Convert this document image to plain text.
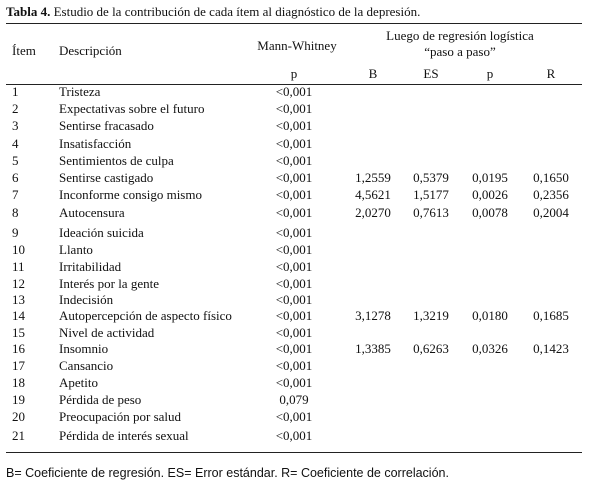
Tabla 4. Estudio de la contribución de cada ítem al diagnóstico de la depresión.
Ítem Descripción	Mann-Whitney
Luego de regresión logística
“paso a paso”
p	B	ES	p	R
1	Tristeza	<0,001
2	Expectativas sobre el futuro	<0,001
3	Sentirse fracasado	<0,001
4	Insatisfacción	<0,001
5	Sentimientos de culpa	<0,001
6	Sentirse castigado	<0,001	1,2559	0,5379	0,0195	0,1650
7	Inconforme consigo mismo	<0,001	4,5621	1,5177	0,0026	0,2356
8	Autocensura	<0,001	2,0270	0,7613	0,0078	0,2004
9	Ideación suicida	<0,001
10	Llanto	<0,001
11	Irritabilidad	<0,001
12	Interés por la gente	<0,001
13	Indecisión	<0,001
14	Autopercepción de aspecto físico	<0,001	3,1278	1,3219	0,0180	0,1685
15	Nivel de actividad	<0,001
16	Insomnio	<0,001	1,3385	0,6263	0,0326	0,1423
17	Cansancio	<0,001
18	Apetito	<0,001
19	Pérdida de peso	0,079
20	Preocupación por salud	<0,001
21	Pérdida de interés sexual	<0,001
B= Coeficiente de regresión. ES= Error estándar. R= Coeficiente de correlación.
